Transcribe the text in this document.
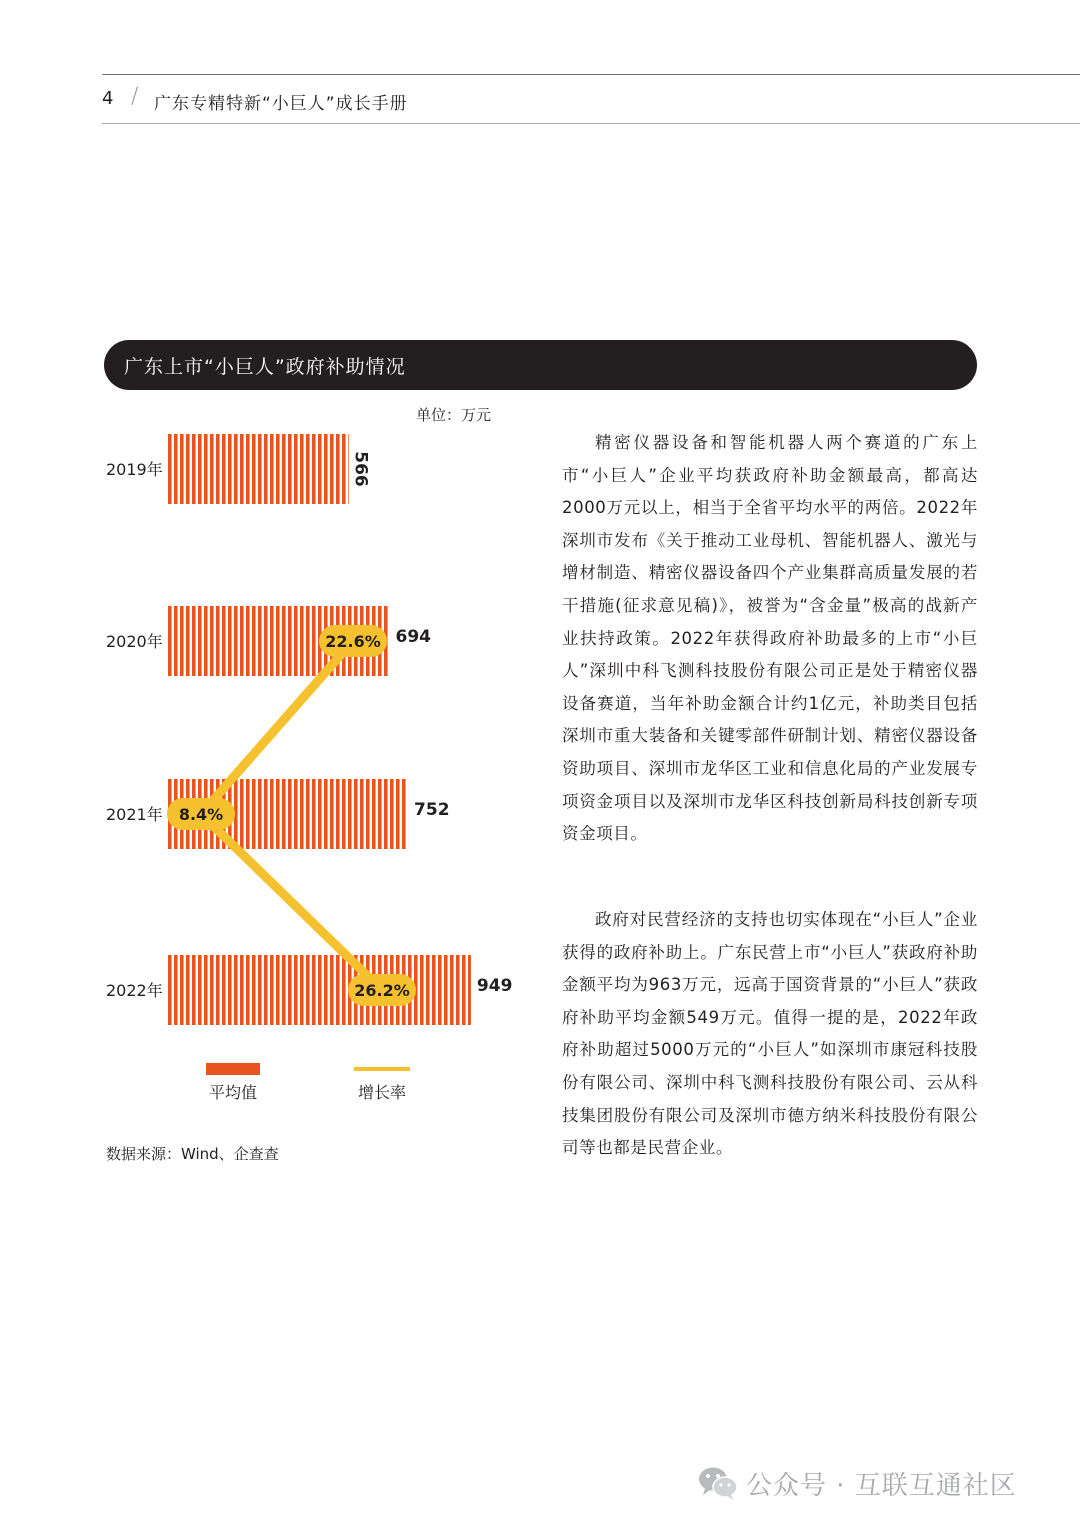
4 / 广东专精特新“小巨人”成长手册
广东上市“小巨人”政府补助情况
单位：万元
2019年
2020年
2021年
2022年
566
694
752
949
22.6%
8.4%
26.2%
平均值	增长率
数据来源：Wind、企查查

精密仪器设备和智能机器人两个赛道的广东上市“小巨人”企业平均获政府补助金额最高，都高达2000万元以上，相当于全省平均水平的两倍。2022年深圳市发布《关于推动工业母机、智能机器人、激光与增材制造、精密仪器设备四个产业集群高质量发展的若干措施(征求意见稿)》，被誉为“含金量”极高的战新产业扶持政策。2022年获得政府补助最多的上市“小巨人”深圳中科飞测科技股份有限公司正是处于精密仪器设备赛道，当年补助金额合计约1亿元，补助类目包括深圳市重大装备和关键零部件研制计划、精密仪器设备资助项目、深圳市龙华区工业和信息化局的产业发展专项资金项目以及深圳市龙华区科技创新局科技创新专项资金项目。

政府对民营经济的支持也切实体现在“小巨人”企业获得的政府补助上。广东民营上市“小巨人”获政府补助金额平均为963万元，远高于国资背景的“小巨人”获政府补助平均金额549万元。值得一提的是，2022年政府补助超过5000万元的“小巨人”如深圳市康冠科技股份有限公司、深圳中科飞测科技股份有限公司、云从科技集团股份有限公司及深圳市德方纳米科技股份有限公司等也都是民营企业。

公众号 · 互联互通社区
